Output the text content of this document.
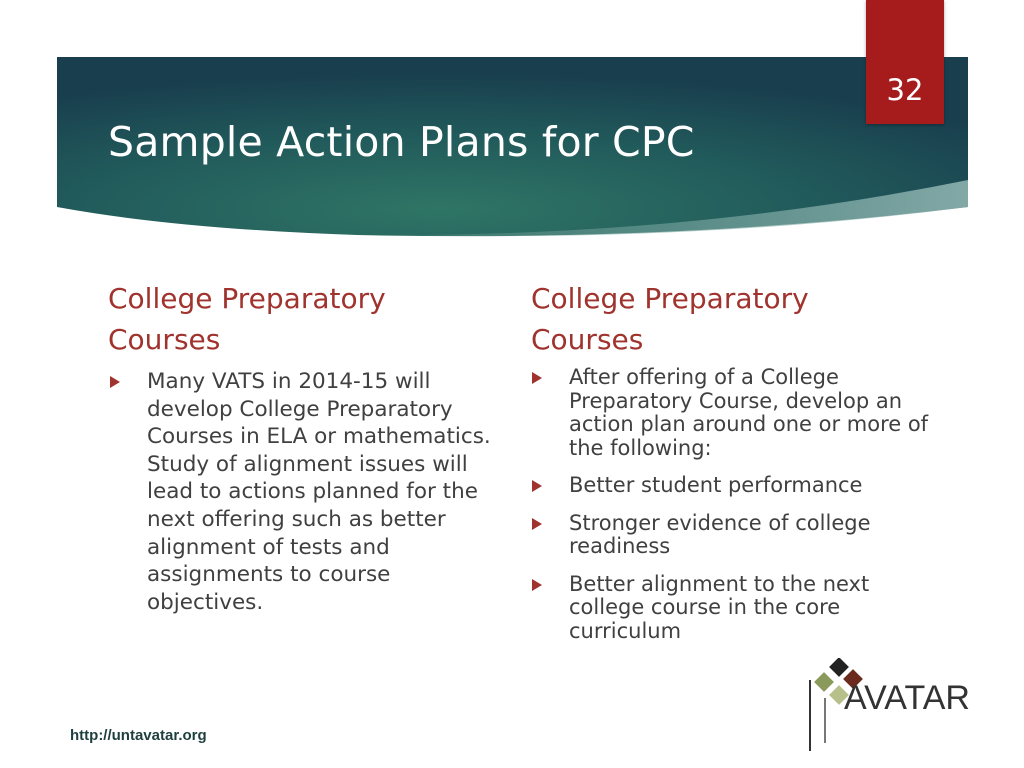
Sample Action Plans for CPC
32
College Preparatory Courses
Many VATS in 2014-15 will develop College Preparatory Courses in ELA or mathematics. Study of alignment issues will lead to actions planned for the next offering such as better alignment of tests and assignments to course objectives.
College Preparatory Courses
After offering of a College Preparatory Course, develop an action plan around one or more of the following:
Better student performance
Stronger evidence of college readiness
Better alignment to the next college course in the core curriculum
AVATAR
http://untavatar.org
